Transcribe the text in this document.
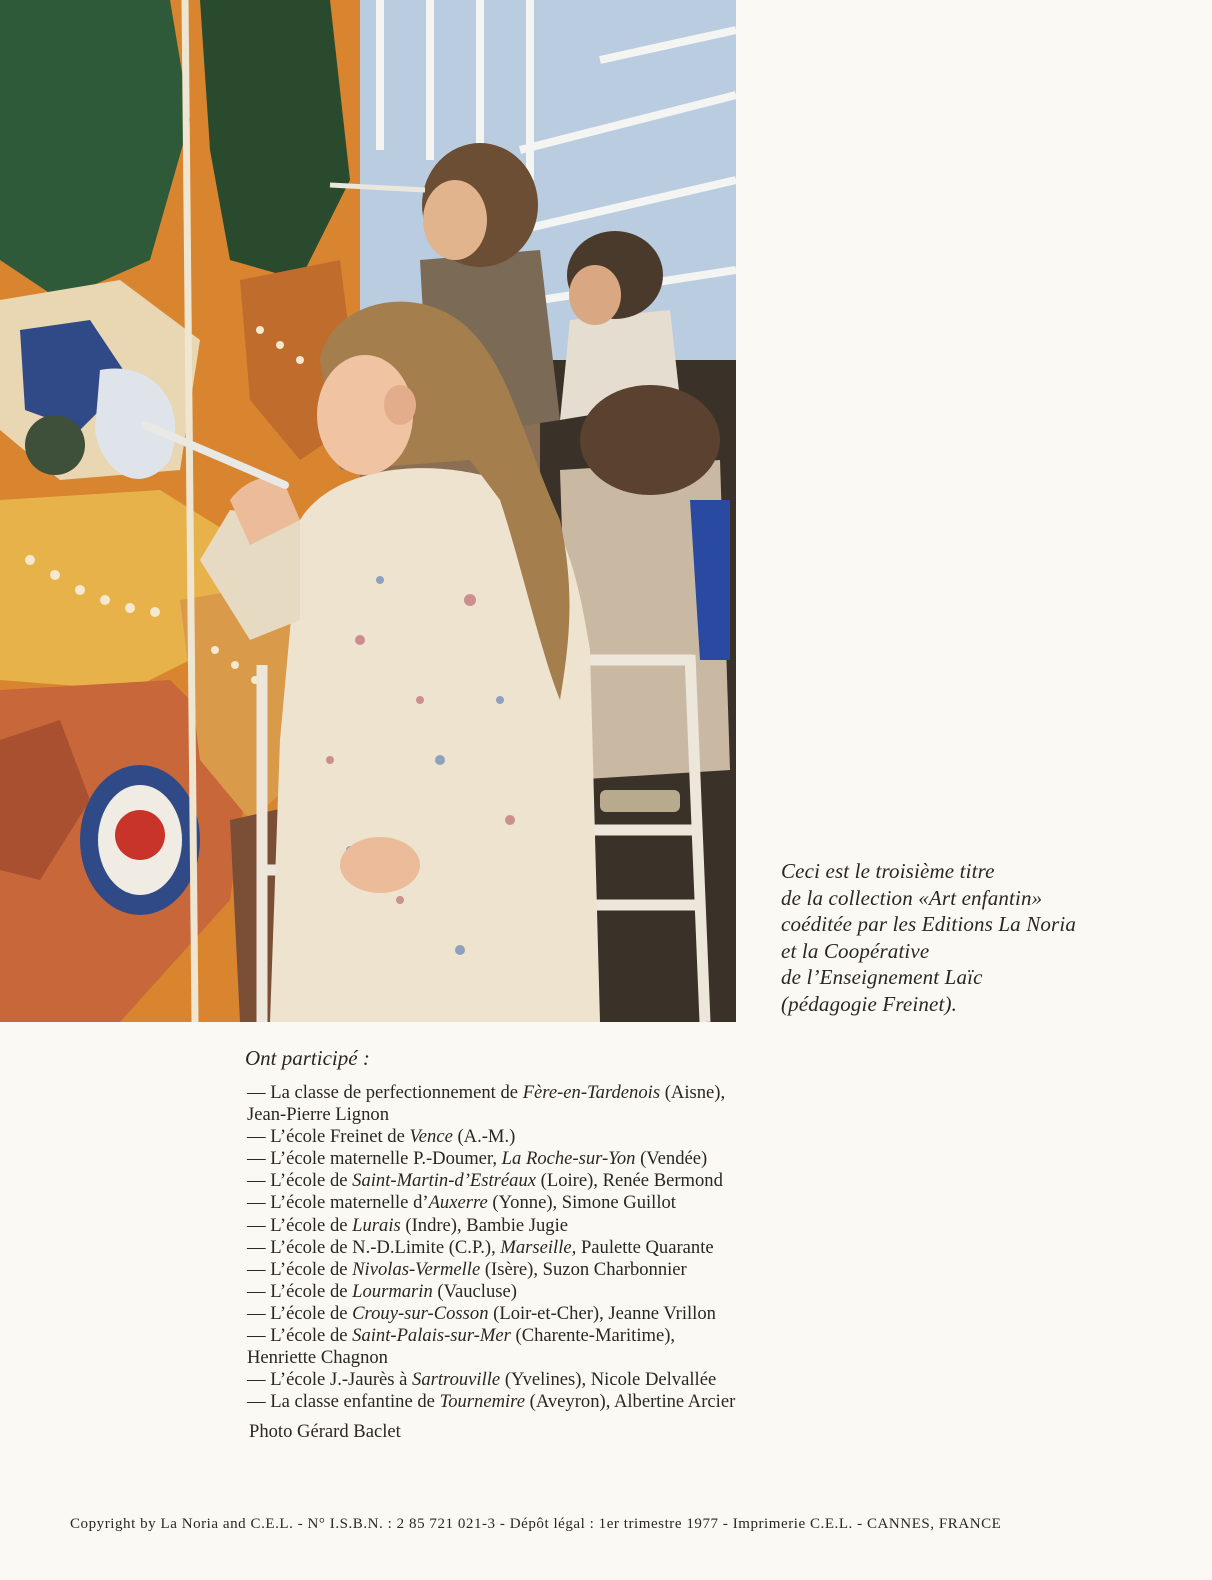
Ceci est le troisième titre
de la collection «Art enfantin»
coéditée par les Editions La Noria
et la Coopérative
de l’Enseignement Laïc
(pédagogie Freinet).
Ont participé :
— La classe de perfectionnement de Fère-en-Tardenois (Aisne),
Jean-Pierre Lignon
— L’école Freinet de Vence (A.-M.)
— L’école maternelle P.-Doumer, La Roche-sur-Yon (Vendée)
— L’école de Saint-Martin-d’Estréaux (Loire), Renée Bermond
— L’école maternelle d’Auxerre (Yonne), Simone Guillot
— L’école de Lurais (Indre), Bambie Jugie
— L’école de N.-D.Limite (C.P.), Marseille, Paulette Quarante
— L’école de Nivolas-Vermelle (Isère), Suzon Charbonnier
— L’école de Lourmarin (Vaucluse)
— L’école de Crouy-sur-Cosson (Loir-et-Cher), Jeanne Vrillon
— L’école de Saint-Palais-sur-Mer (Charente-Maritime),
Henriette Chagnon
— L’école J.-Jaurès à Sartrouville (Yvelines), Nicole Delvallée
— La classe enfantine de Tournemire (Aveyron), Albertine Arcier
Photo Gérard Baclet
Copyright by La Noria and C.E.L. - N° I.S.B.N. : 2 85 721 021-3 - Dépôt légal : 1er trimestre 1977 - Imprimerie C.E.L. - CANNES, FRANCE
